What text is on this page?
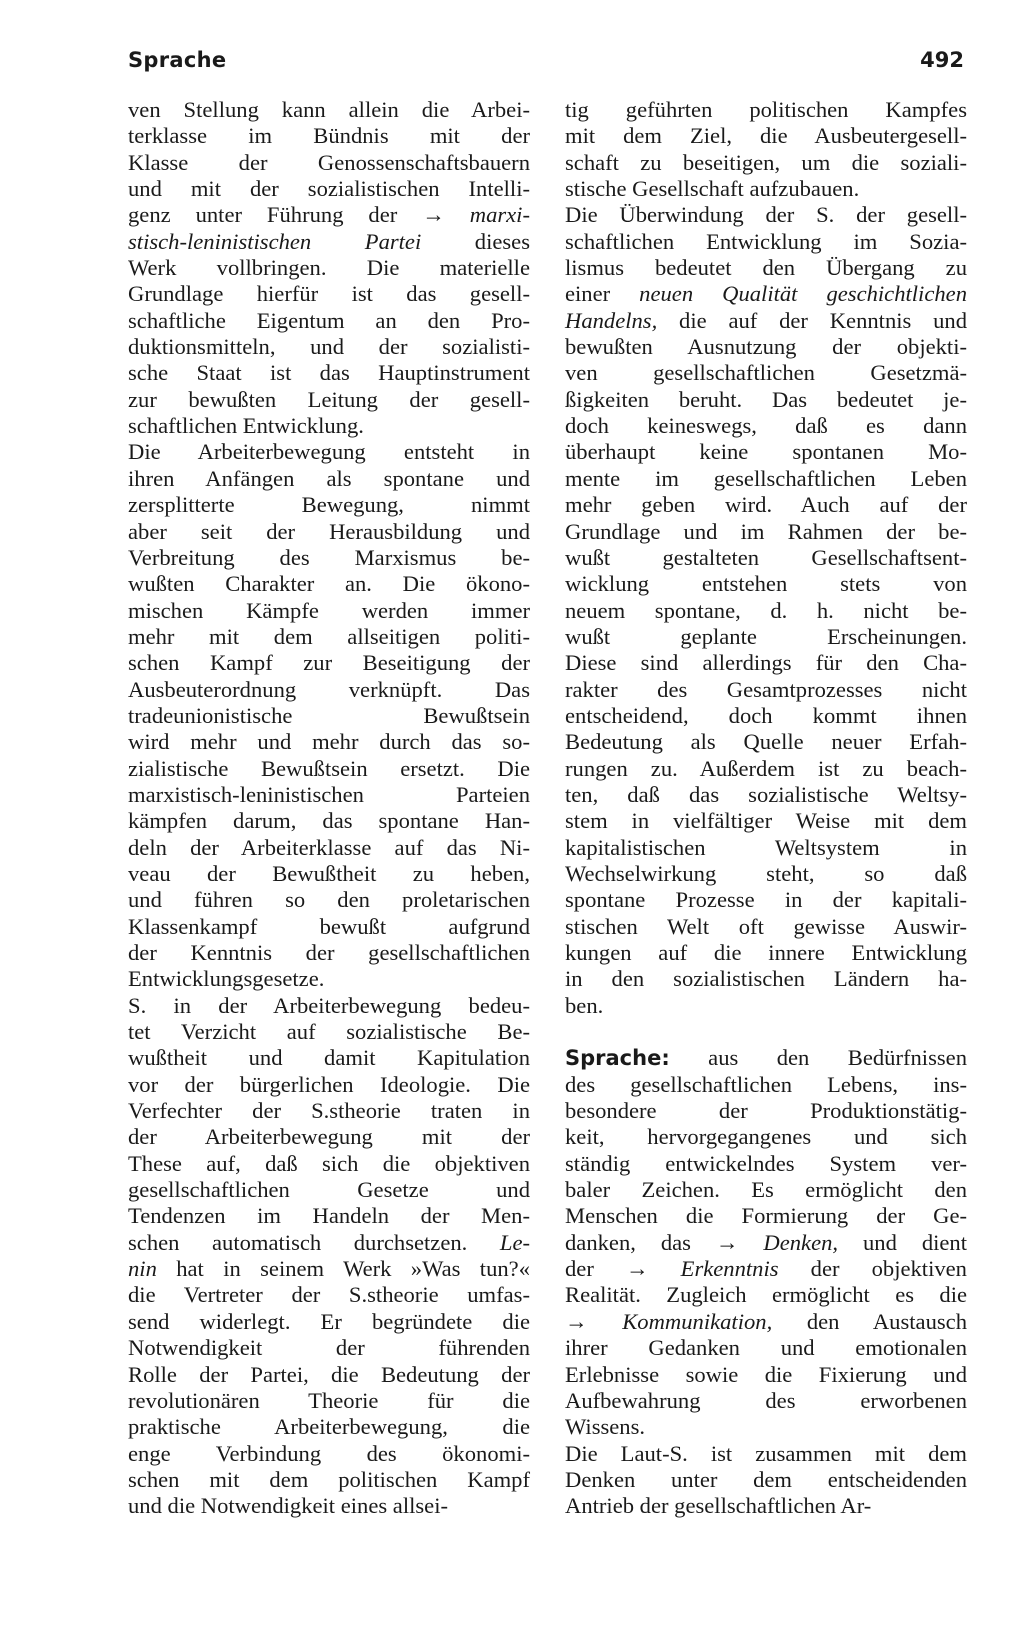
Sprache	492
ven Stellung kann allein die Arbei-
terklasse im Bündnis mit der
Klasse der Genossenschaftsbauern
und mit der sozialistischen Intelli-
genz unter Führung der → marxi-
stisch-leninistischen Partei dieses
Werk vollbringen. Die materielle
Grundlage hierfür ist das gesell-
schaftliche Eigentum an den Pro-
duktionsmitteln, und der sozialisti-
sche Staat ist das Hauptinstrument
zur bewußten Leitung der gesell-
schaftlichen Entwicklung.
Die Arbeiterbewegung entsteht in
ihren Anfängen als spontane und
zersplitterte Bewegung, nimmt
aber seit der Herausbildung und
Verbreitung des Marxismus be-
wußten Charakter an. Die ökono-
mischen Kämpfe werden immer
mehr mit dem allseitigen politi-
schen Kampf zur Beseitigung der
Ausbeuterordnung verknüpft. Das
tradeunionistische Bewußtsein
wird mehr und mehr durch das so-
zialistische Bewußtsein ersetzt. Die
marxistisch-leninistischen Parteien
kämpfen darum, das spontane Han-
deln der Arbeiterklasse auf das Ni-
veau der Bewußtheit zu heben,
und führen so den proletarischen
Klassenkampf bewußt aufgrund
der Kenntnis der gesellschaftlichen
Entwicklungsgesetze.
S. in der Arbeiterbewegung bedeu-
tet Verzicht auf sozialistische Be-
wußtheit und damit Kapitulation
vor der bürgerlichen Ideologie. Die
Verfechter der S.stheorie traten in
der Arbeiterbewegung mit der
These auf, daß sich die objektiven
gesellschaftlichen Gesetze und
Tendenzen im Handeln der Men-
schen automatisch durchsetzen. Le-
nin hat in seinem Werk »Was tun?«
die Vertreter der S.stheorie umfas-
send widerlegt. Er begründete die
Notwendigkeit der führenden
Rolle der Partei, die Bedeutung der
revolutionären Theorie für die
praktische Arbeiterbewegung, die
enge Verbindung des ökonomi-
schen mit dem politischen Kampf
und die Notwendigkeit eines allsei-
tig geführten politischen Kampfes
mit dem Ziel, die Ausbeutergesell-
schaft zu beseitigen, um die soziali-
stische Gesellschaft aufzubauen.
Die Überwindung der S. der gesell-
schaftlichen Entwicklung im Sozia-
lismus bedeutet den Übergang zu
einer neuen Qualität geschichtlichen
Handelns, die auf der Kenntnis und
bewußten Ausnutzung der objekti-
ven gesellschaftlichen Gesetzmä-
ßigkeiten beruht. Das bedeutet je-
doch keineswegs, daß es dann
überhaupt keine spontanen Mo-
mente im gesellschaftlichen Leben
mehr geben wird. Auch auf der
Grundlage und im Rahmen der be-
wußt gestalteten Gesellschaftsent-
wicklung entstehen stets von
neuem spontane, d. h. nicht be-
wußt geplante Erscheinungen.
Diese sind allerdings für den Cha-
rakter des Gesamtprozesses nicht
entscheidend, doch kommt ihnen
Bedeutung als Quelle neuer Erfah-
rungen zu. Außerdem ist zu beach-
ten, daß das sozialistische Weltsy-
stem in vielfältiger Weise mit dem
kapitalistischen Weltsystem in
Wechselwirkung steht, so daß
spontane Prozesse in der kapitali-
stischen Welt oft gewisse Auswir-
kungen auf die innere Entwicklung
in den sozialistischen Ländern ha-
ben.
Sprache: aus den Bedürfnissen
des gesellschaftlichen Lebens, ins-
besondere der Produktionstätig-
keit, hervorgegangenes und sich
ständig entwickelndes System ver-
baler Zeichen. Es ermöglicht den
Menschen die Formierung der Ge-
danken, das → Denken, und dient
der → Erkenntnis der objektiven
Realität. Zugleich ermöglicht es die
→ Kommunikation, den Austausch
ihrer Gedanken und emotionalen
Erlebnisse sowie die Fixierung und
Aufbewahrung des erworbenen
Wissens.
Die Laut-S. ist zusammen mit dem
Denken unter dem entscheidenden
Antrieb der gesellschaftlichen Ar-
